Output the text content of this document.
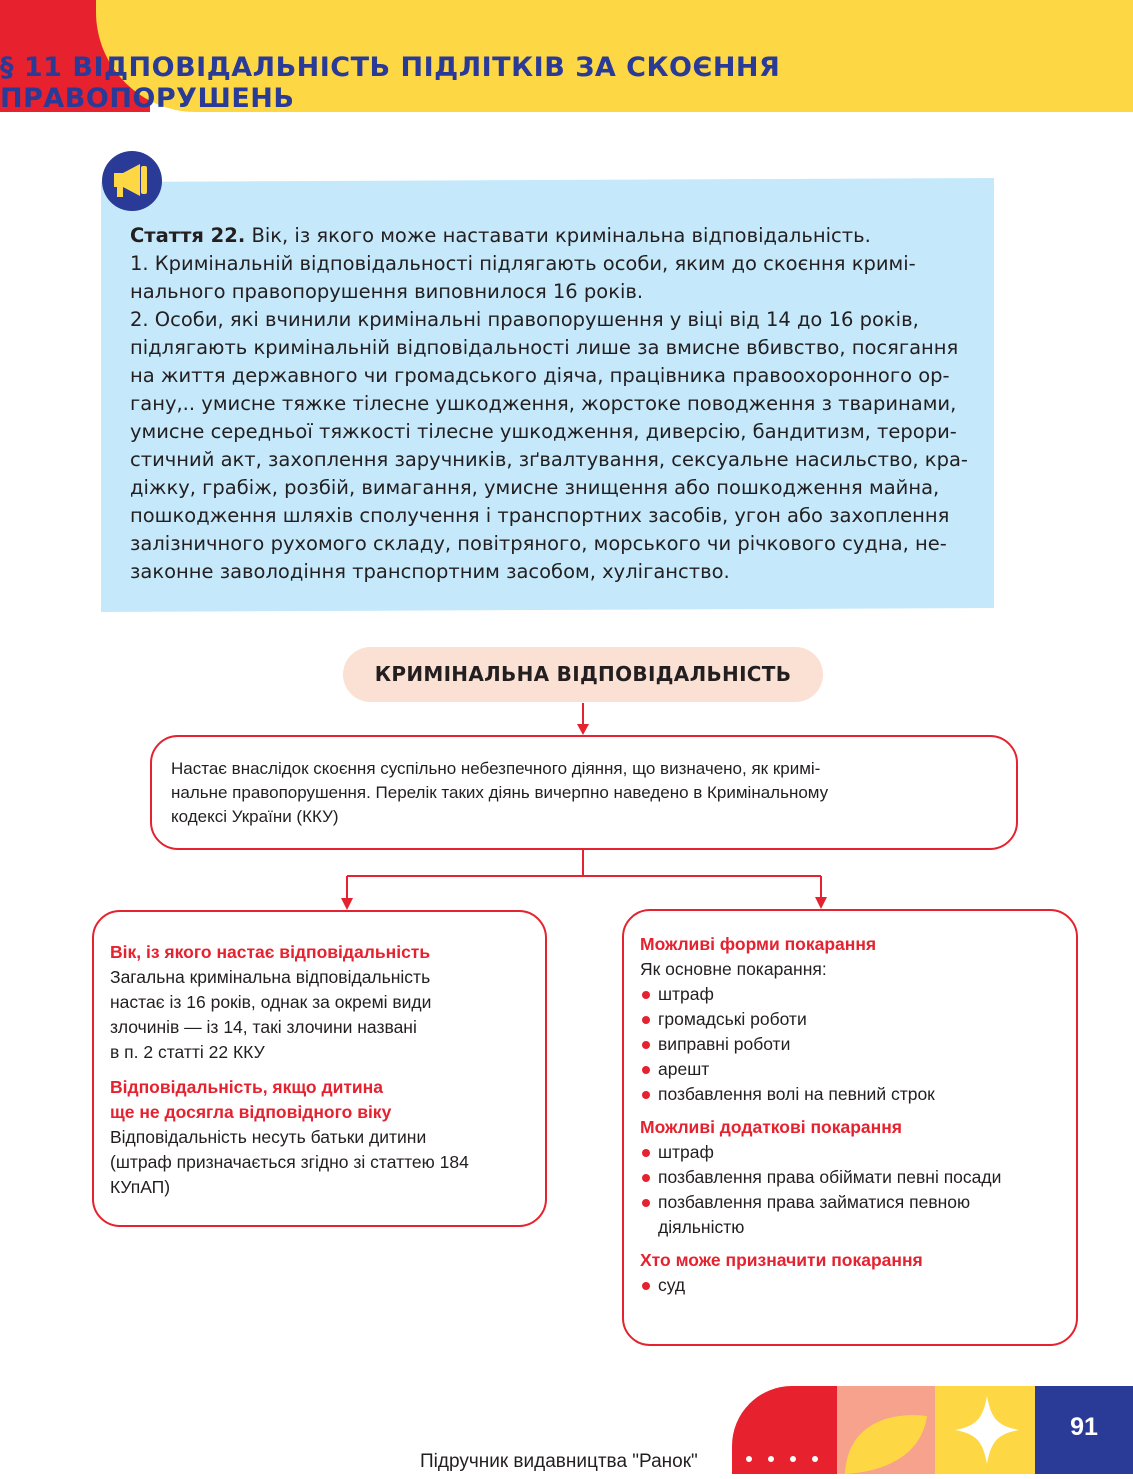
§ 11 ВІДПОВІДАЛЬНІСТЬ ПІДЛІТКІВ ЗА СКОЄННЯ ПРАВОПОРУШЕНЬ
Стаття 22. Вік, із якого може наставати кримінальна відповідальність.
1. Кримінальній відповідальності підлягають особи, яким до скоєння кримі-
нального правопорушення виповнилося 16 років.
2. Особи, які вчинили кримінальні правопорушення у віці від 14 до 16 років,
підлягають кримінальній відповідальності лише за вмисне вбивство, посягання
на життя державного чи громадського діяча, працівника правоохоронного ор-
гану,.. умисне тяжке тілесне ушкодження, жорстоке поводження з тваринами,
умисне середньої тяжкості тілесне ушкодження, диверсію, бандитизм, терори-
стичний акт, захоплення заручників, зґвалтування, сексуальне насильство, кра-
діжку, грабіж, розбій, вимагання, умисне знищення або пошкодження майна,
пошкодження шляхів сполучення і транспортних засобів, угон або захоплення
залізничного рухомого складу, повітряного, морського чи річкового судна, не-
законне заволодіння транспортним засобом, хуліганство.
КРИМІНАЛЬНА ВІДПОВІДАЛЬНІСТЬ
Настає внаслідок скоєння суспільно небезпечного діяння, що визначено, як кримі-
нальне правопорушення. Перелік таких діянь вичерпно наведено в Кримінальному
кодексі України (ККУ)
Вік, із якого настає відповідальність
Загальна кримінальна відповідальність
настає із 16 років, однак за окремі види
злочинів — із 14, такі злочини названі
в п. 2 статті 22 ККУ
Відповідальність, якщо дитина
ще не досягла відповідного віку
Відповідальність несуть батьки дитини
(штраф призначається згідно зі статтею 184
КУпАП)
Можливі форми покарання
Як основне покарання:
штраф
громадські роботи
виправні роботи
арешт
позбавлення волі на певний строк
Можливі додаткові покарання
штраф
позбавлення права обіймати певні посади
позбавлення права займатися певною діяльністю
Хто може призначити покарання
суд
91
Підручник видавництва "Ранок"
